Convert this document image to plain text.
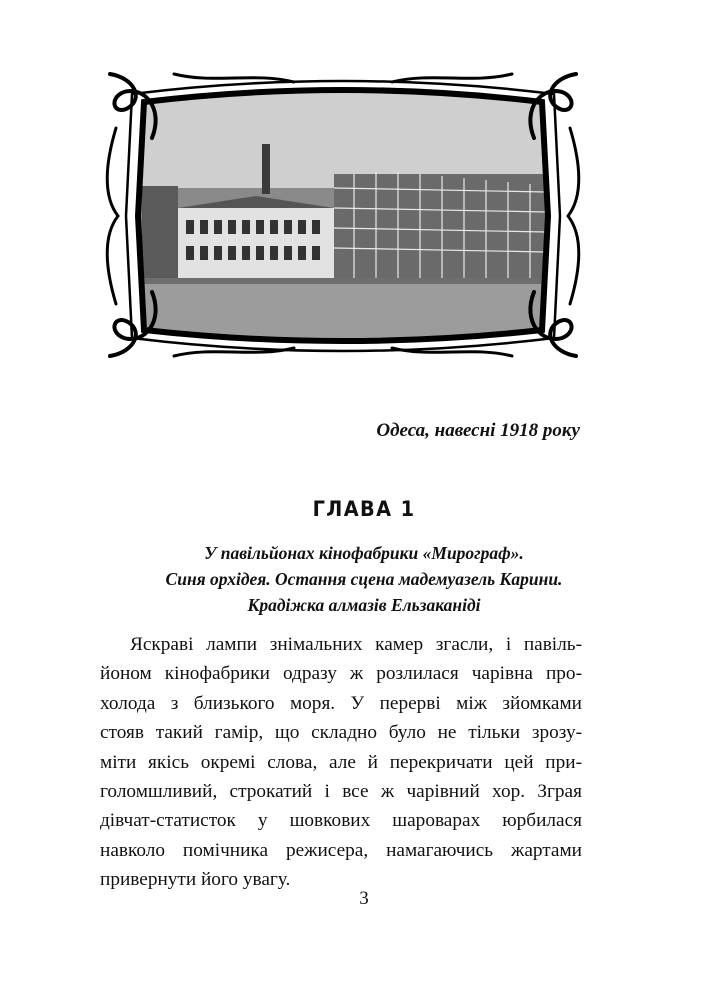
Одеса, навесні 1918 року
ГЛАВА 1
У павільйонах кінофабрики «Мирограф».
Синя орхідея. Остання сцена мадемуазель Карини.
Крадіжка алмазів Ельзаканіді
Яскраві лампи знімальних камер згасли, і павіль-
йоном кінофабрики одразу ж розлилася чарівна про-
холода з близького моря. У перерві між зйомками
стояв такий гамір, що складно було не тільки зрозу-
міти якісь окремі слова, але й перекричати цей при-
голомшливий, строкатий і все ж чарівний хор. Зграя
дівчат-статисток у шовкових шароварах юрбилася
навколо помічника режисера, намагаючись жартами
привернути його увагу.
3
